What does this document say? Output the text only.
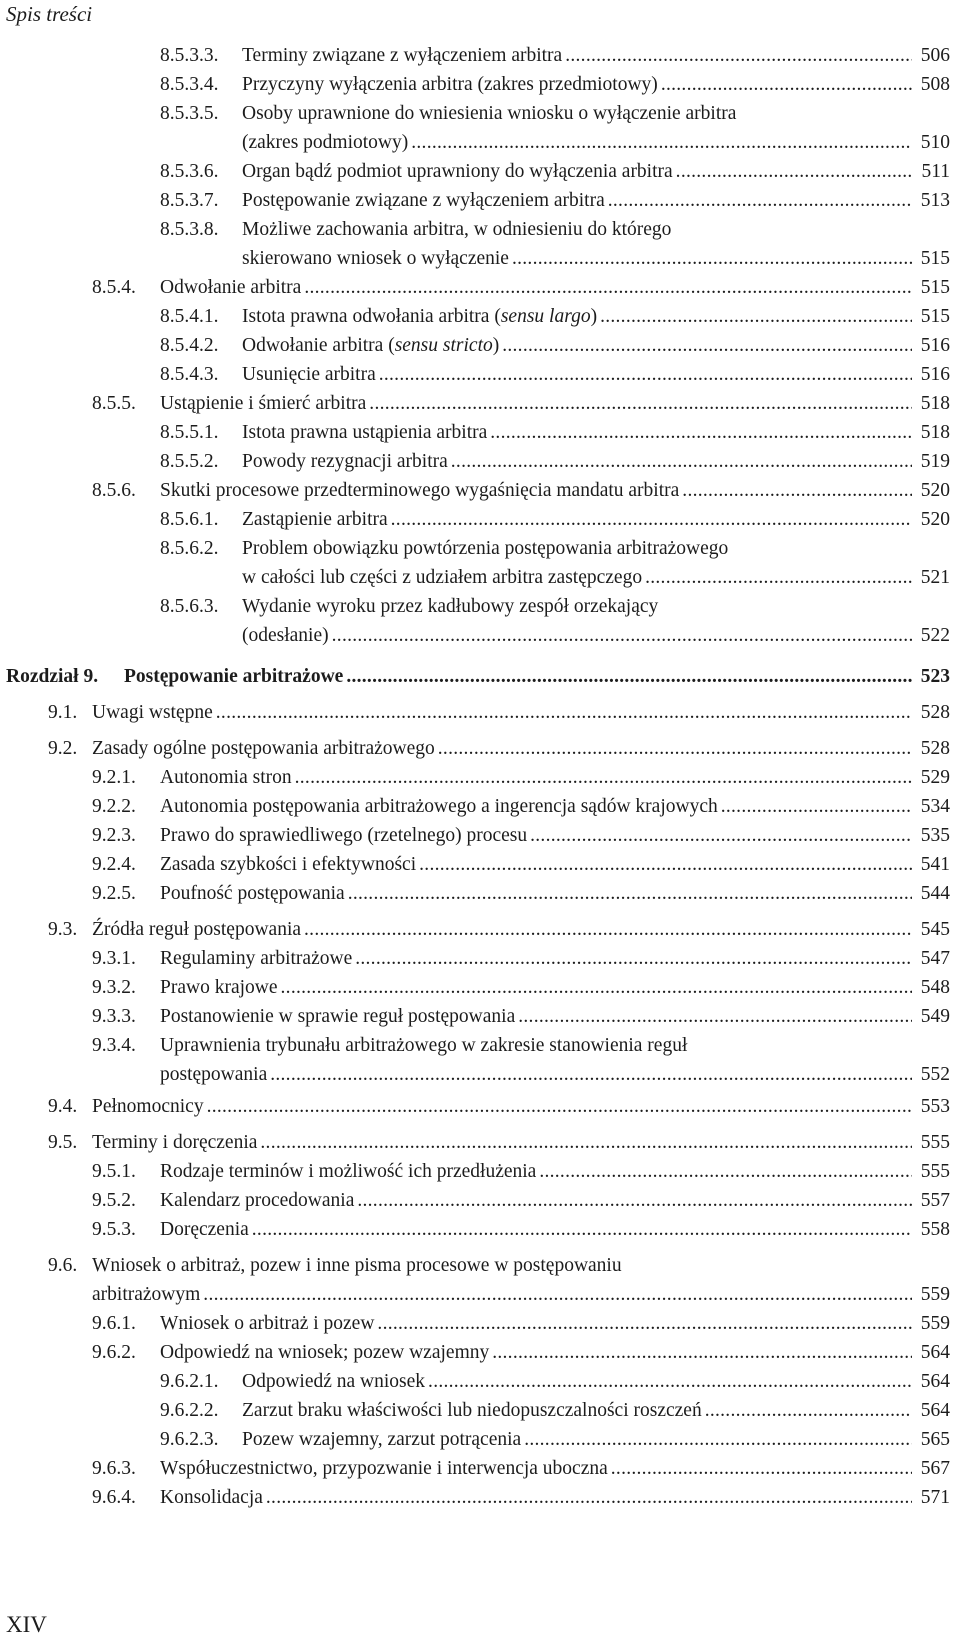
Spis treści
8.5.3.3. Terminy związane z wyłączeniem arbitra . . .	506
8.5.3.4. Przyczyny wyłączenia arbitra (zakres przedmiotowy) . . .	508
8.5.3.5. Osoby uprawnione do wniesienia wniosku o wyłączenie arbitra
(zakres podmiotowy) . . .	510
8.5.3.6. Organ bądź podmiot uprawniony do wyłączenia arbitra . . .	511
8.5.3.7. Postępowanie związane z wyłączeniem arbitra . . .	513
8.5.3.8. Możliwe zachowania arbitra, w odniesieniu do którego
skierowano wniosek o wyłączenie . . .	515
8.5.4. Odwołanie arbitra . . .	515
8.5.4.1. Istota prawna odwołania arbitra (sensu largo) . . .	515
8.5.4.2. Odwołanie arbitra (sensu stricto) . . .	516
8.5.4.3. Usunięcie arbitra . . .	516
8.5.5. Ustąpienie i śmierć arbitra . . .	518
8.5.5.1. Istota prawna ustąpienia arbitra . . .	518
8.5.5.2. Powody rezygnacji arbitra . . .	519
8.5.6. Skutki procesowe przedterminowego wygaśnięcia mandatu arbitra . . .	520
8.5.6.1. Zastąpienie arbitra . . .	520
8.5.6.2. Problem obowiązku powtórzenia postępowania arbitrażowego
w całości lub części z udziałem arbitra zastępczego . . .	521
8.5.6.3. Wydanie wyroku przez kadłubowy zespół orzekający
(odesłanie) . . .	522
Rozdział 9. Postępowanie arbitrażowe . . .	523
9.1. Uwagi wstępne . . .	528
9.2. Zasady ogólne postępowania arbitrażowego . . .	528
9.2.1. Autonomia stron . . .	529
9.2.2. Autonomia postępowania arbitrażowego a ingerencja sądów krajowych . . .	534
9.2.3. Prawo do sprawiedliwego (rzetelnego) procesu . . .	535
9.2.4. Zasada szybkości i efektywności . . .	541
9.2.5. Poufność postępowania . . .	544
9.3. Źródła reguł postępowania . . .	545
9.3.1. Regulaminy arbitrażowe . . .	547
9.3.2. Prawo krajowe . . .	548
9.3.3. Postanowienie w sprawie reguł postępowania . . .	549
9.3.4. Uprawnienia trybunału arbitrażowego w zakresie stanowienia reguł
postępowania . . .	552
9.4. Pełnomocnicy . . .	553
9.5. Terminy i doręczenia . . .	555
9.5.1. Rodzaje terminów i możliwość ich przedłużenia . . .	555
9.5.2. Kalendarz procedowania . . .	557
9.5.3. Doręczenia . . .	558
9.6. Wniosek o arbitraż, pozew i inne pisma procesowe w postępowaniu
arbitrażowym . . .	559
9.6.1. Wniosek o arbitraż i pozew . . .	559
9.6.2. Odpowiedź na wniosek; pozew wzajemny . . .	564
9.6.2.1. Odpowiedź na wniosek . . .	564
9.6.2.2. Zarzut braku właściwości lub niedopuszczalności roszczeń . . .	564
9.6.2.3. Pozew wzajemny, zarzut potrącenia . . .	565
9.6.3. Współuczestnictwo, przypozwanie i interwencja uboczna . . .	567
9.6.4. Konsolidacja . . .	571
XIV
